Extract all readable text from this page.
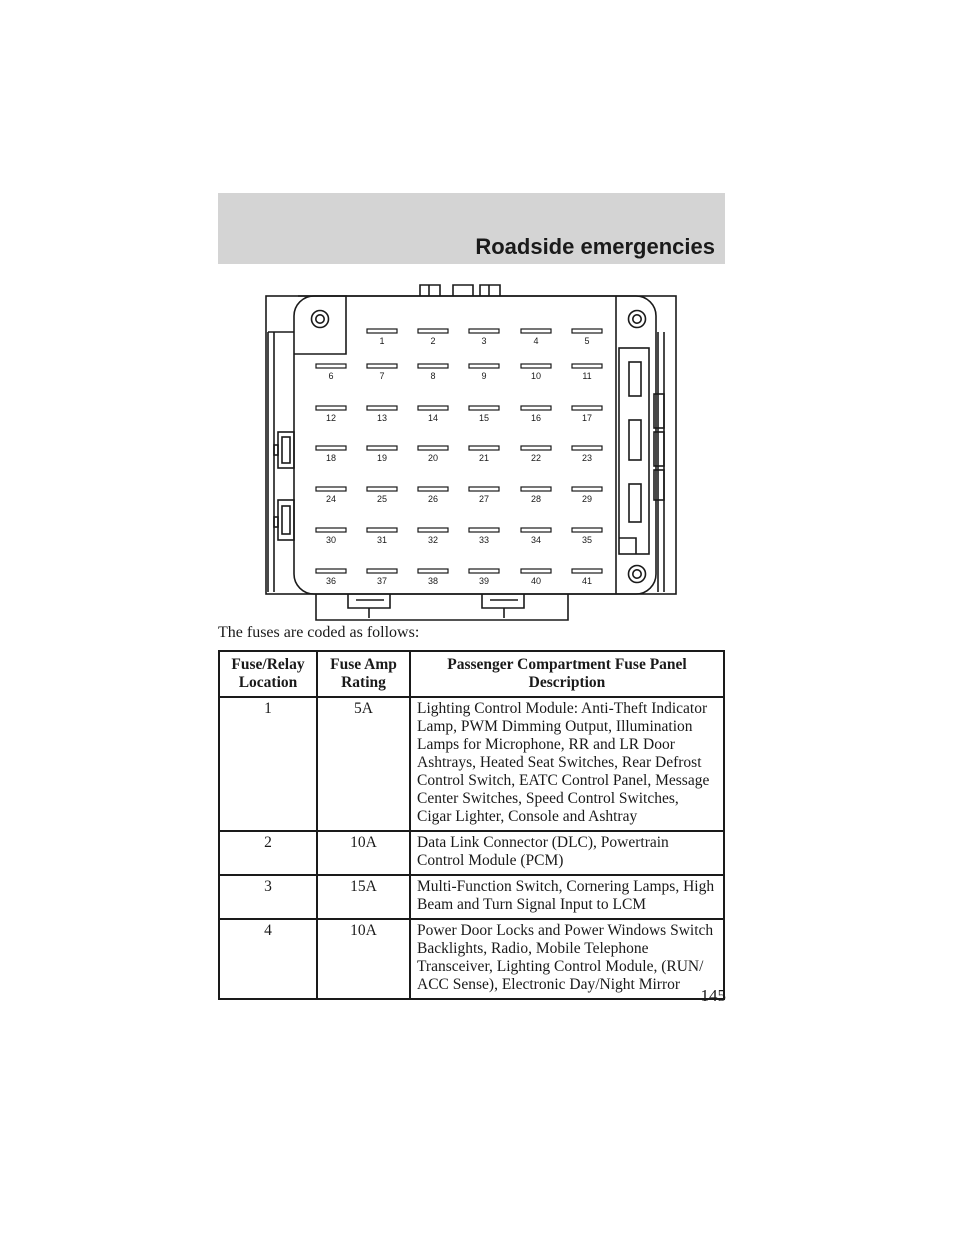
Roadside emergencies
1	2	3	4	5
6	7	8	9	10	11
12	13	14	15	16	17
18	19	20	21	22	23
24	25	26	27	28	29
30	31	32	33	34	35
36	37	38	39	40	41
The fuses are coded as follows:
Fuse/Relay Location	Fuse Amp Rating	Passenger Compartment Fuse Panel Description
1	5A	Lighting Control Module: Anti-Theft Indicator Lamp, PWM Dimming Output, Illumination Lamps for Microphone, RR and LR Door Ashtrays, Heated Seat Switches, Rear Defrost Control Switch, EATC Control Panel, Message Center Switches, Speed Control Switches, Cigar Lighter, Console and Ashtray
2	10A	Data Link Connector (DLC), Powertrain Control Module (PCM)
3	15A	Multi-Function Switch, Cornering Lamps, High Beam and Turn Signal Input to LCM
4	10A	Power Door Locks and Power Windows Switch Backlights, Radio, Mobile Telephone Transceiver, Lighting Control Module, (RUN/ ACC Sense), Electronic Day/Night Mirror
145
